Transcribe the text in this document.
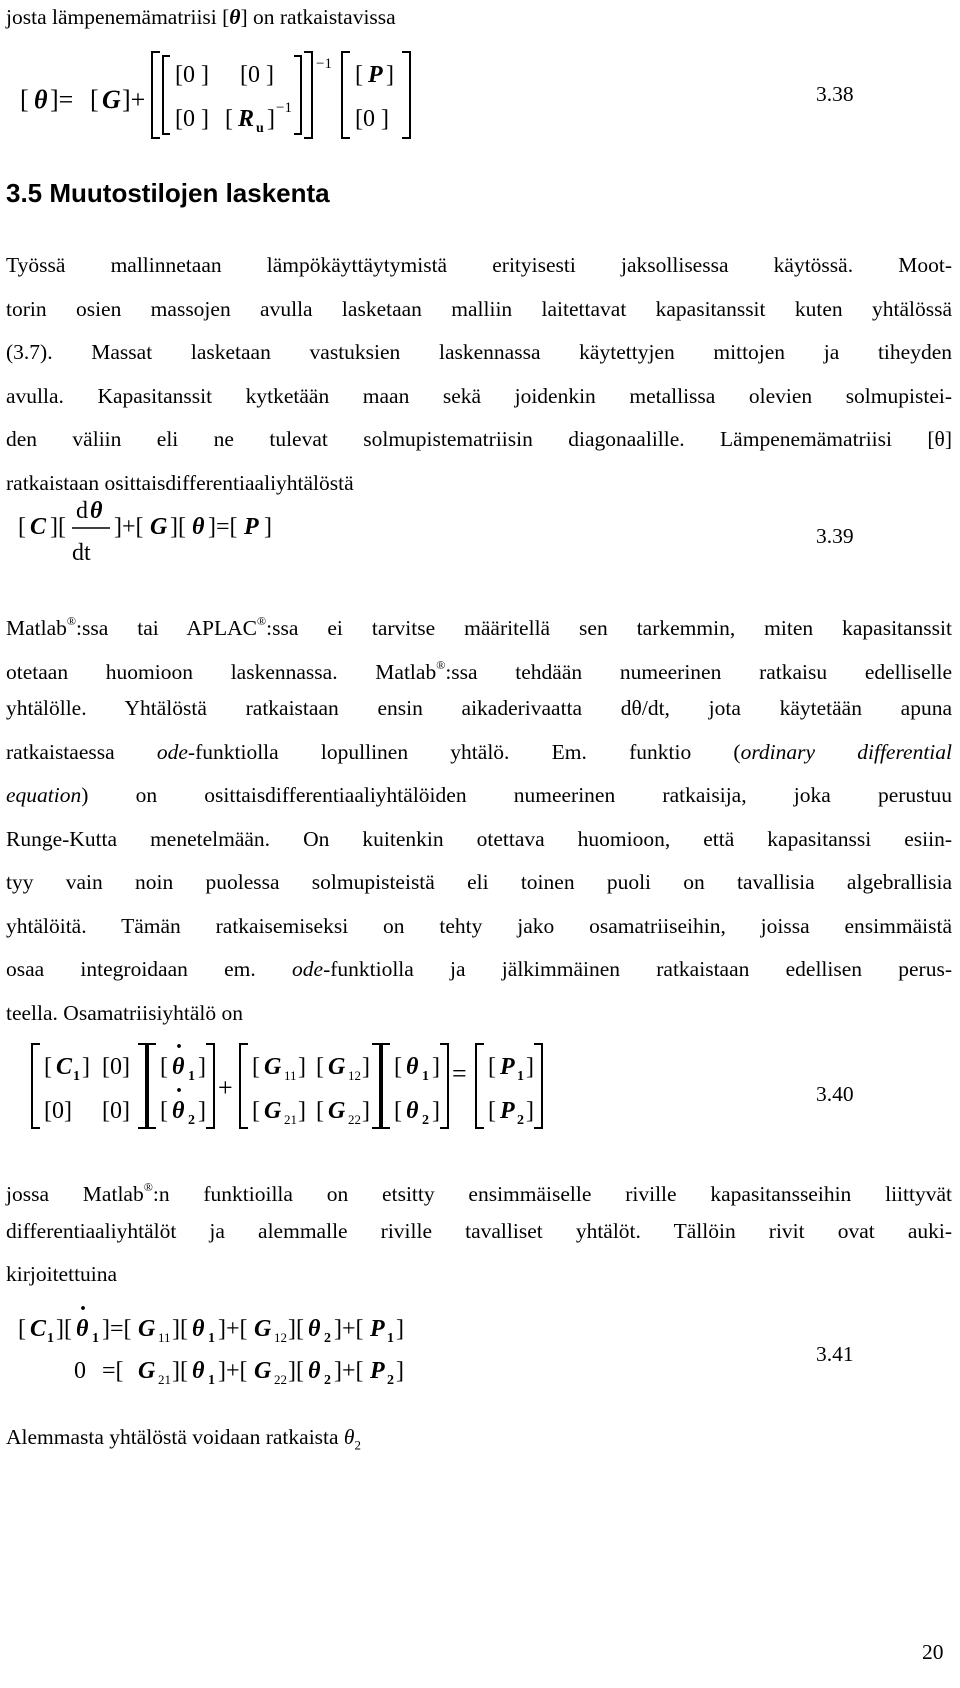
josta lämpenemämatriisi [θ] on ratkaistavissa
[ θ ]= [ G ]+
[0 ] [0 ]
[0 ] [ R u ] −1
−1 [ P ]
[0 ]
3.38
3.5 Muutostilojen laskenta
Työssä mallinnetaan lämpökäyttäytymistä erityisesti jaksollisessa käytössä. Moot-
torin osien massojen avulla lasketaan malliin laitettavat kapasitanssit kuten yhtälössä
(3.7). Massat lasketaan vastuksien laskennassa käytettyjen mittojen ja tiheyden
avulla. Kapasitanssit kytketään maan sekä joidenkin metallissa olevien solmupistei-
den väliin eli ne tulevat solmupistematriisin diagonaalille. Lämpenemämatriisi [θ]
ratkaistaan osittaisdifferentiaaliyhtälöstä
[ C ][
d θ
dt
]+[ G ][ θ ]=[ P ]	3.39
Matlab®:ssa tai APLAC®:ssa ei tarvitse määritellä sen tarkemmin, miten kapasitanssit
otetaan huomioon laskennassa. Matlab®:ssa tehdään numeerinen ratkaisu edelliselle
yhtälölle. Yhtälöstä ratkaistaan ensin aikaderivaatta dθ/dt, jota käytetään apuna
ratkaistaessa ode-funktiolla lopullinen yhtälö. Em. funktio (ordinary differential
equation) on osittaisdifferentiaaliyhtälöiden numeerinen ratkaisija, joka perustuu
Runge-Kutta menetelmään. On kuitenkin otettava huomioon, että kapasitanssi esiin-
tyy vain noin puolessa solmupisteistä eli toinen puoli on tavallisia algebrallisia
yhtälöitä. Tämän ratkaisemiseksi on tehty jako osamatriiseihin, joissa ensimmäistä
osaa integroidaan em. ode-funktiolla ja jälkimmäinen ratkaistaan edellisen perus-
teella. Osamatriisiyhtälö on
[ C 1 ] [0]
[0] [0]
[ θ
·
1 ]
[ θ
·
2 ]
+
[ G 11 ] [ G 12 ]
[ G 21 ] [ G 22 ]
[ θ 1 ]
[ θ 2 ]
= [ P 1 ]
[ P 2 ]
3.40
jossa Matlab®:n funktioilla on etsitty ensimmäiselle riville kapasitansseihin liittyvät
differentiaaliyhtälöt ja alemmalle riville tavalliset yhtälöt. Tällöin rivit ovat auki-
kirjoitettuina
[ C 1 ][ θ
·
1 ]=[ G 11 ][ θ 1 ]+[ G 12 ][ θ 2 ]+[ P 1 ]
0 =[ G 21 ][ θ 1 ]+[ G 22 ][ θ 2 ]+[ P 2 ]
3.41
Alemmasta yhtälöstä voidaan ratkaista $\theta_2$
20
